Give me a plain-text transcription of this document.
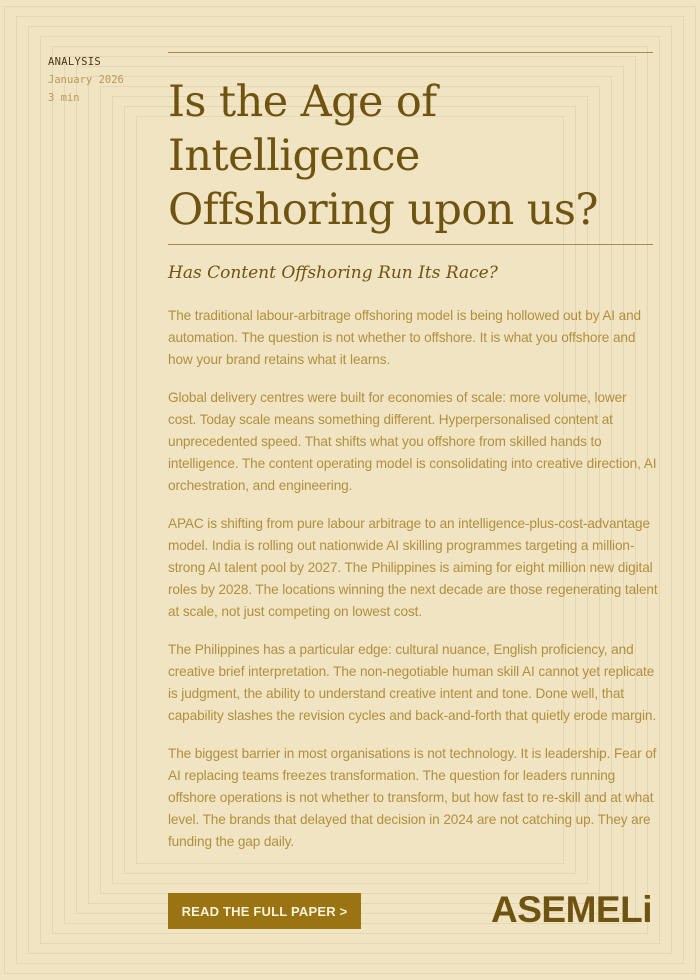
ANALYSIS
January 2026
3 min	Is the Age of Intelligence Offshoring upon us?
Has Content Offshoring Run Its Race?

The traditional labour-arbitrage offshoring model is being hollowed out by AI and automation. The question is not whether to offshore. It is what you offshore and how your brand retains what it learns.

Global delivery centres were built for economies of scale: more volume, lower cost. Today scale means something different. Hyperpersonalised content at unprecedented speed. That shifts what you offshore from skilled hands to intelligence. The content operating model is consolidating into creative direction, AI orchestration, and engineering.

APAC is shifting from pure labour arbitrage to an intelligence-plus-cost-advantage model. India is rolling out nationwide AI skilling programmes targeting a million-strong AI talent pool by 2027. The Philippines is aiming for eight million new digital roles by 2028. The locations winning the next decade are those regenerating talent at scale, not just competing on lowest cost.

The Philippines has a particular edge: cultural nuance, English proficiency, and creative brief interpretation. The non-negotiable human skill AI cannot yet replicate is judgment, the ability to understand creative intent and tone. Done well, that capability slashes the revision cycles and back-and-forth that quietly erode margin.

The biggest barrier in most organisations is not technology. It is leadership. Fear of AI replacing teams freezes transformation. The question for leaders running offshore operations is not whether to transform, but how fast to re-skill and at what level. The brands that delayed that decision in 2024 are not catching up. They are funding the gap daily.

READ THE FULL PAPER >	ASEMELi
